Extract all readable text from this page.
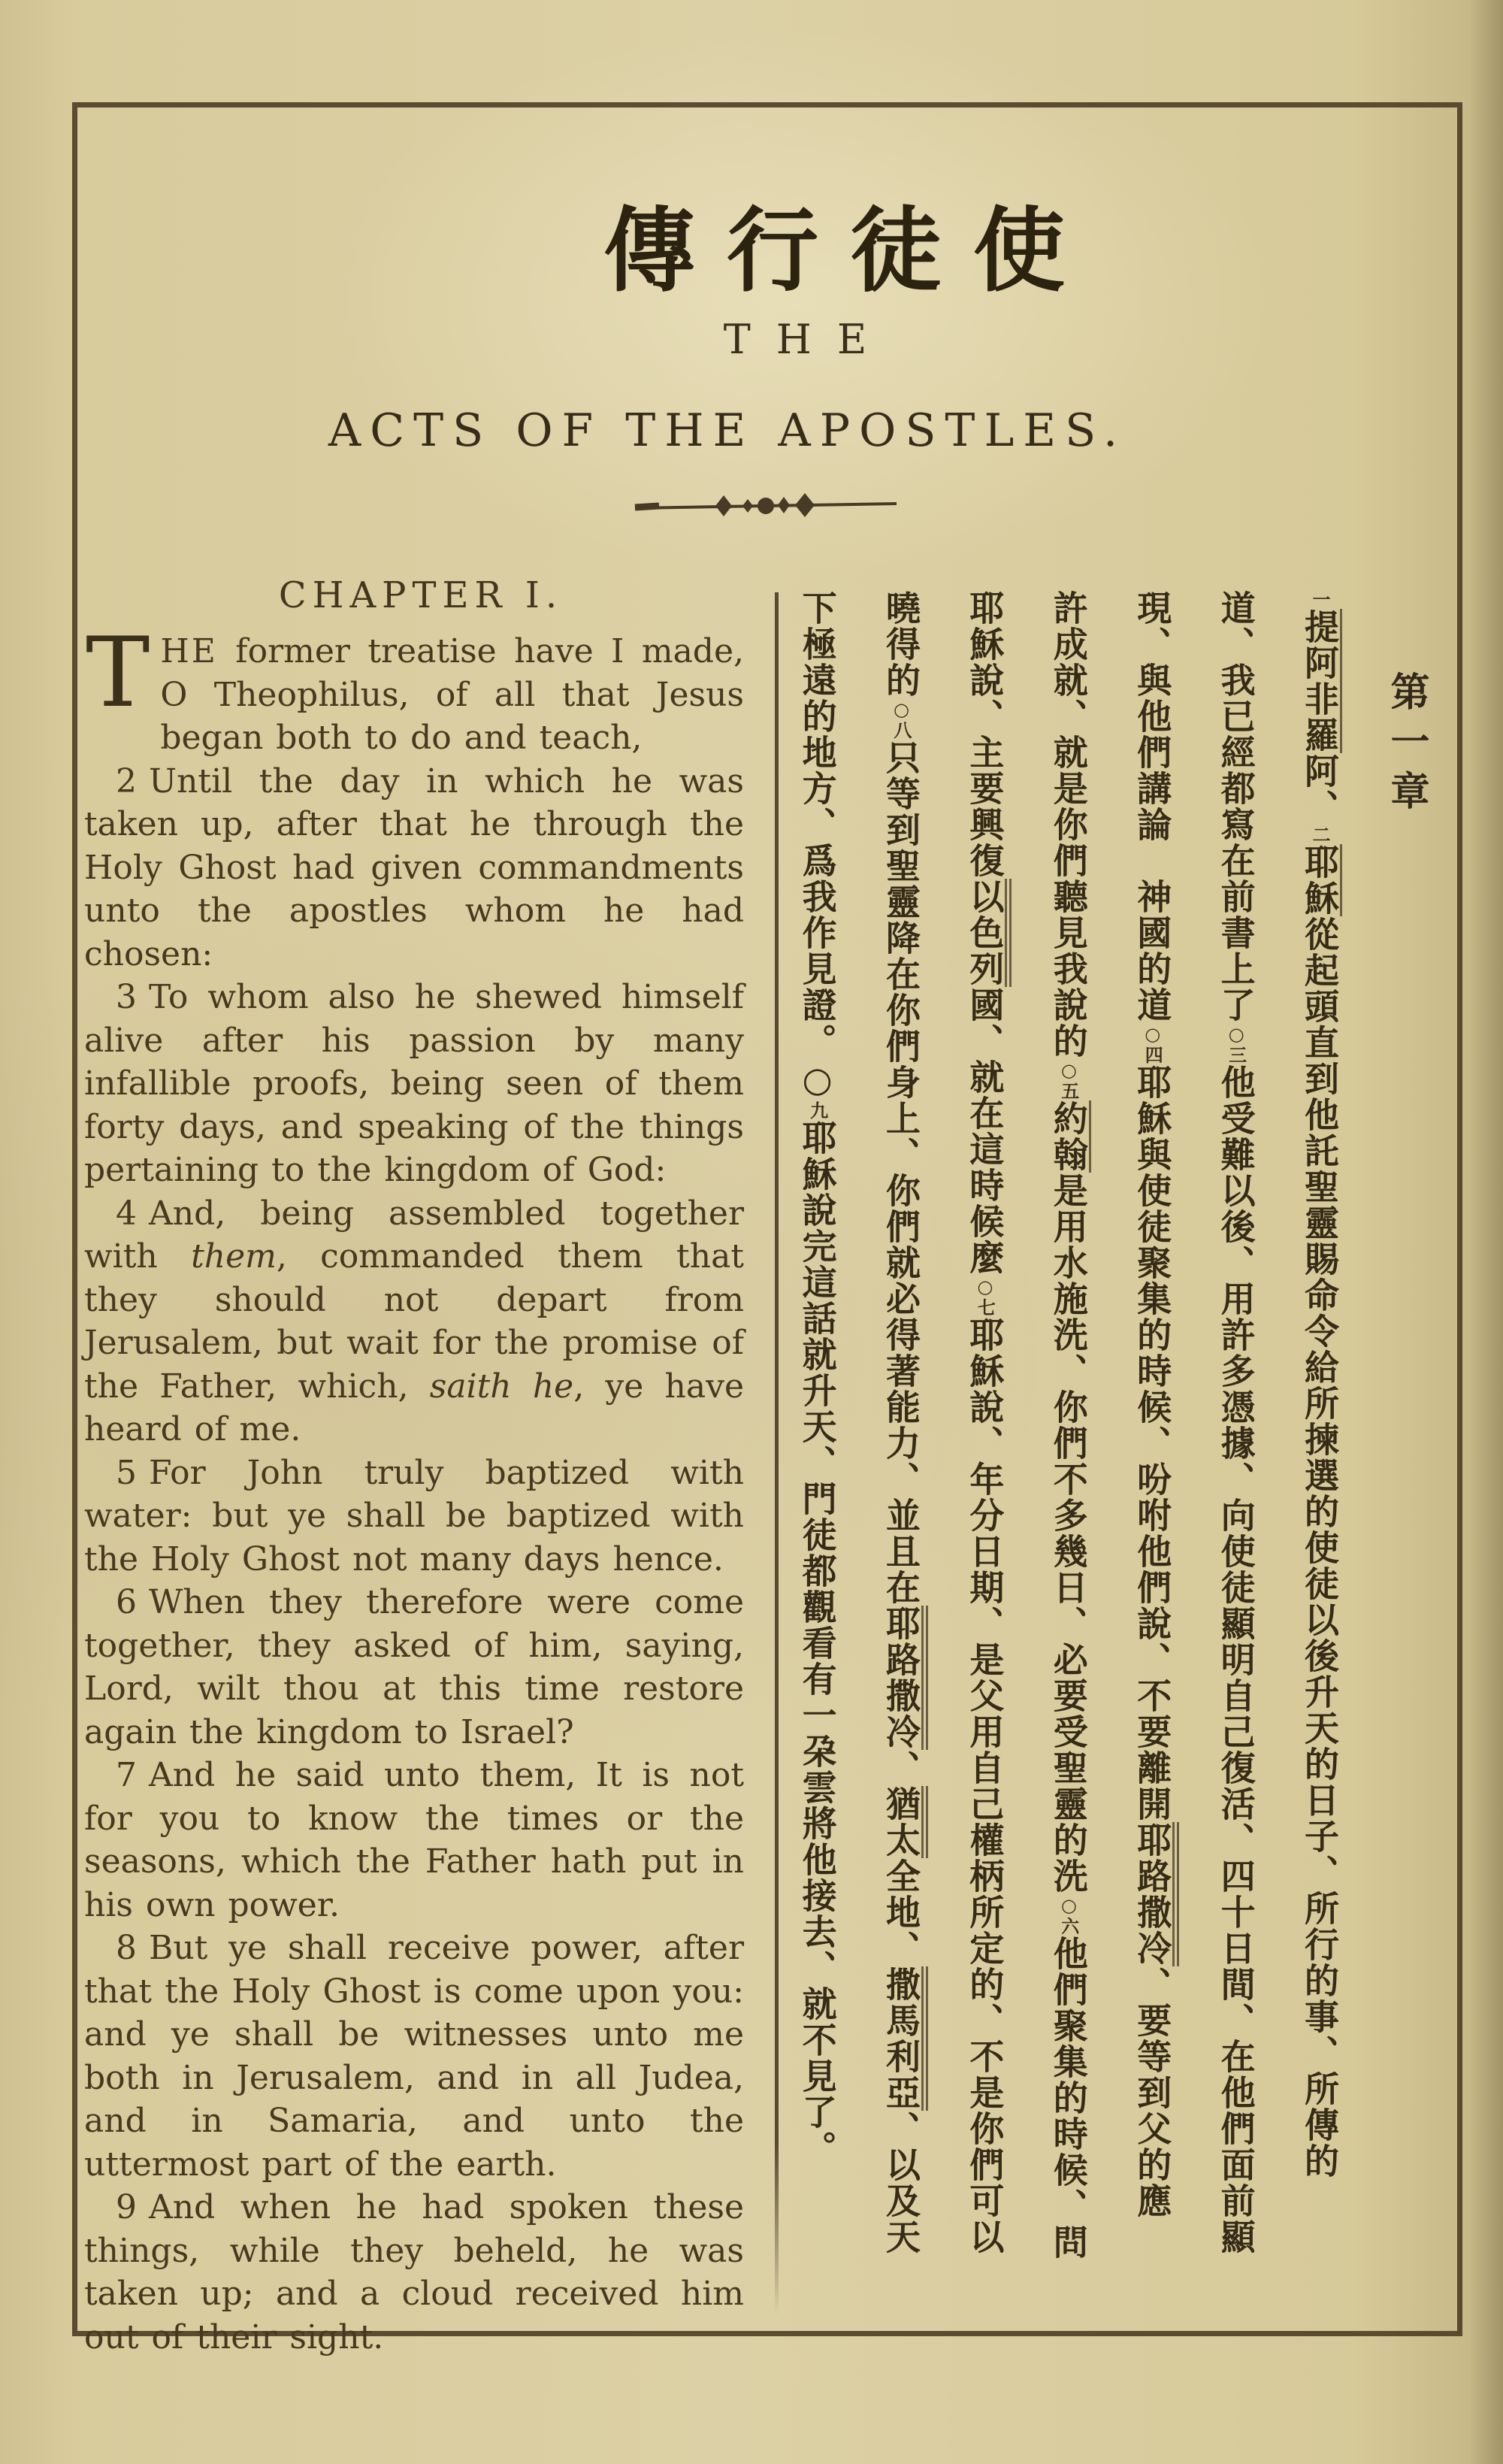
傳行徒使
THE
ACTS OF THE APOSTLES.
CHAPTER I.

THE former treatise have I made, O Theophilus, of all that Jesus began both to do and teach,

2 Until the day in which he was taken up, after that he through the Holy Ghost had given commandments unto the apostles whom he had chosen:

3 To whom also he shewed himself alive after his passion by many infallible proofs, being seen of them forty days, and speaking of the things pertaining to the kingdom of God:

4 And, being assembled together with them, commanded them that they should not depart from Jerusalem, but wait for the promise of the Father, which, saith he, ye have heard of me.

5 For John truly baptized with water: but ye shall be baptized with the Holy Ghost not many days hence.

6 When they therefore were come together, they asked of him, saying, Lord, wilt thou at this time restore again the kingdom to Israel?

7 And he said unto them, It is not for you to know the times or the seasons, which the Father hath put in his own power.

8 But ye shall receive power, after that the Holy Ghost is come upon you: and ye shall be witnesses unto me both in Jerusalem, and in all Judea, and in Samaria, and unto the uttermost part of the earth.

9 And when he had spoken these things, while they beheld, he was taken up; and a cloud received him out of their sight.

一提阿非羅阿、二耶穌從起頭直到他託聖靈賜命令給所揀選的使徒以後升天的日子、所行的事、所傳的
道、我已經都寫在前書上了○三他受難以後、用許多憑據、向使徒顯明自己復活、四十日間、在他們面前顯
現、與他們講論　神國的道○四耶穌與使徒聚集的時候、吩咐他們說、不要離開耶路撒冷、要等到父的應
許成就、就是你們聽見我說的○五約翰是用水施洗、你們不多幾日、必要受聖靈的洗○六他們聚集的時候、問
耶穌說、主要興復以色列國、就在這時候麼○七耶穌說、年分日期、是父用自己權柄所定的、不是你們可以
曉得的○八只等到聖靈降在你們身上、你們就必得著能力、並且在耶路撒冷、猶太全地、撒馬利亞、以及天
下極遠的地方、爲我作見證。○九耶穌說完這話就升天、門徒都觀看有一朶雲將他接去、就不見了。
第一章
